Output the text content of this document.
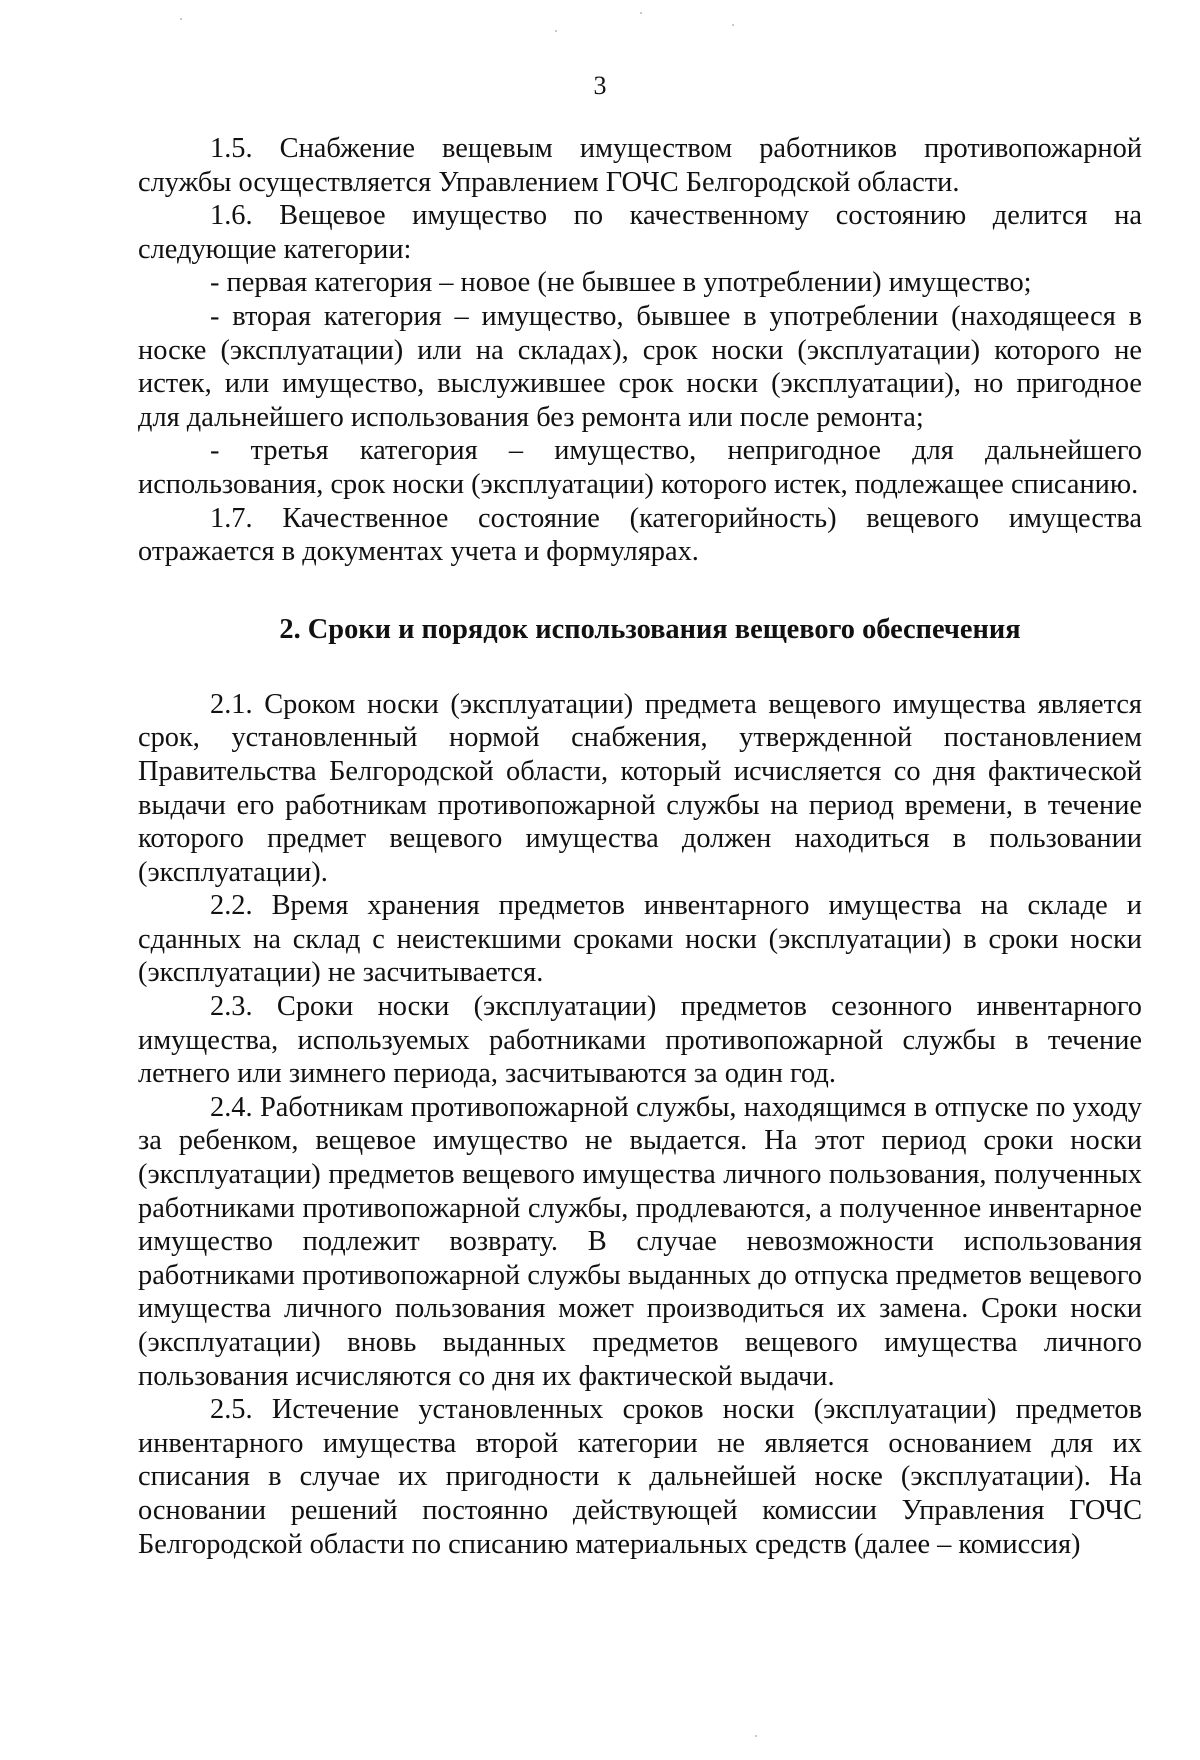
3

1.5. Снабжение вещевым имуществом работников противопожарной службы осуществляется Управлением ГОЧС Белгородской области.

1.6. Вещевое имущество по качественному состоянию делится на следующие категории:

- первая категория – новое (не бывшее в употреблении) имущество;

- вторая категория – имущество, бывшее в употреблении (находящееся в носке (эксплуатации) или на складах), срок носки (эксплуатации) которого не истек, или имущество, выслужившее срок носки (эксплуатации), но пригодное для дальнейшего использования без ремонта или после ремонта;

- третья категория – имущество, непригодное для дальнейшего использования, срок носки (эксплуатации) которого истек, подлежащее списанию.

1.7. Качественное состояние (категорийность) вещевого имущества отражается в документах учета и формулярах.

2. Сроки и порядок использования вещевого обеспечения

2.1. Сроком носки (эксплуатации) предмета вещевого имущества является срок, установленный нормой снабжения, утвержденной постановлением Правительства Белгородской области, который исчисляется со дня фактической выдачи его работникам противопожарной службы на период времени, в течение которого предмет вещевого имущества должен находиться в пользовании (эксплуатации).

2.2. Время хранения предметов инвентарного имущества на складе и сданных на склад с неистекшими сроками носки (эксплуатации) в сроки носки (эксплуатации) не засчитывается.

2.3. Сроки носки (эксплуатации) предметов сезонного инвентарного имущества, используемых работниками противопожарной службы в течение летнего или зимнего периода, засчитываются за один год.

2.4. Работникам противопожарной службы, находящимся в отпуске по уходу за ребенком, вещевое имущество не выдается. На этот период сроки носки (эксплуатации) предметов вещевого имущества личного пользования, полученных работниками противопожарной службы, продлеваются, а полученное инвентарное имущество подлежит возврату. В случае невозможности использования работниками противопожарной службы выданных до отпуска предметов вещевого имущества личного пользования может производиться их замена. Сроки носки (эксплуатации) вновь выданных предметов вещевого имущества личного пользования исчисляются со дня их фактической выдачи.

2.5. Истечение установленных сроков носки (эксплуатации) предметов инвентарного имущества второй категории не является основанием для их списания в случае их пригодности к дальнейшей носке (эксплуатации). На основании решений постоянно действующей комиссии Управления ГОЧС Белгородской области по списанию материальных средств (далее – комиссия)
